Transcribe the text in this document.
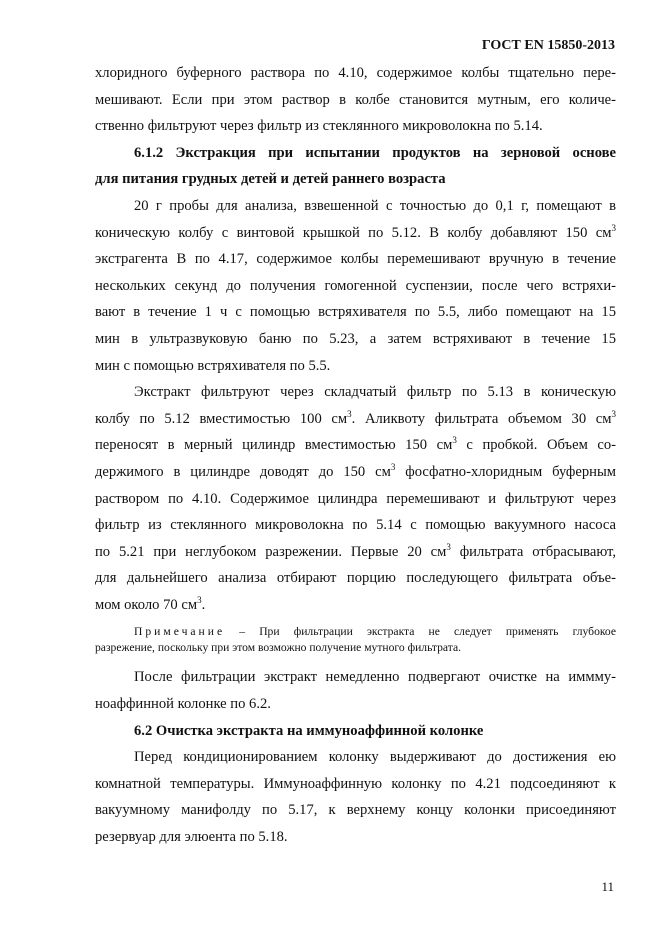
ГОСТ EN 15850-2013
хлоридного буферного раствора по 4.10, содержимое колбы тщательно пере-
мешивают. Если при этом раствор в колбе становится мутным, его количе-
ственно фильтруют через фильтр из стеклянного микроволокна по 5.14.
6.1.2 Экстракция при испытании продуктов на зерновой основе
для питания грудных детей и детей раннего возраста
20 г пробы для анализа, взвешенной с точностью до 0,1 г, помещают в
коническую колбу с винтовой крышкой по 5.12. В колбу добавляют 150 $см^3$
экстрагента В по 4.17, содержимое колбы перемешивают вручную в течение
нескольких секунд до получения гомогенной суспензии, после чего встряхи-
вают в течение 1 ч с помощью встряхивателя по 5.5, либо помещают на 15
мин в ультразвуковую баню по 5.23, а затем встряхивают в течение 15
мин с помощью встряхивателя по 5.5.
Экстракт фильтруют через складчатый фильтр по 5.13 в коническую
колбу по 5.12 вместимостью 100 $см^3$. Аликвоту фильтрата объемом 30 $см^3$
переносят в мерный цилиндр вместимостью 150 $см^3$ с пробкой. Объем со-
держимого в цилиндре доводят до 150 $см^3$ фосфатно-хлоридным буферным
раствором по 4.10. Содержимое цилиндра перемешивают и фильтруют через
фильтр из стеклянного микроволокна по 5.14 с помощью вакуумного насоса
по 5.21 при неглубоком разрежении. Первые 20 $см^3$ фильтрата отбрасывают,
для дальнейшего анализа отбирают порцию последующего фильтрата объе-
мом около 70 $см^3$.
Примечание – При фильтрации экстракта не следует применять глубокое
разрежение, поскольку при этом возможно получение мутного фильтрата.
После фильтрации экстракт немедленно подвергают очистке на иммму-
ноаффинной колонке по 6.2.
6.2 Очистка экстракта на иммуноаффинной колонке
Перед кондиционированием колонку выдерживают до достижения ею
комнатной температуры. Иммуноаффинную колонку по 4.21 подсоединяют к
вакуумному манифолду по 5.17, к верхнему концу колонки присоединяют
резервуар для элюента по 5.18.
11
